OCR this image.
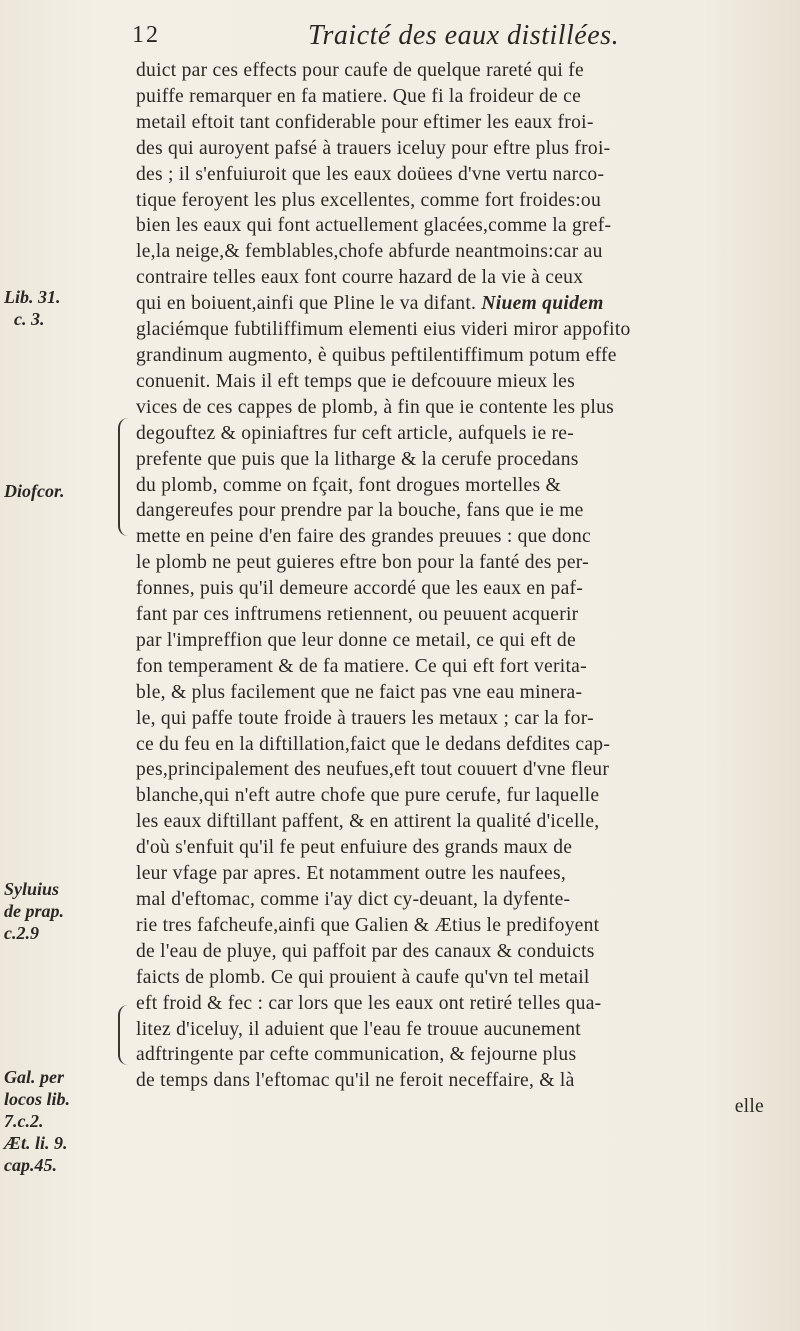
12	Traicté des eaux distillées.
Lib. 31.
c. 3.
Diofcor.
Syluius
de prap.
c.2.9
Gal. per
locos lib.
7.c.2.
Æt. li. 9.
cap.45.
duict par ces effects pour caufe de quelque rareté qui fe
puiffe remarquer en fa matiere. Que fi la froideur de ce
metail eftoit tant confiderable pour eftimer les eaux froi-
des qui auroyent pafsé à trauers iceluy pour eftre plus froi-
des ; il s'enfuiuroit que les eaux doüees d'vne vertu narco-
tique feroyent les plus excellentes, comme fort froides:ou
bien les eaux qui font actuellement glacées,comme la gref-
le,la neige,& femblables,chofe abfurde neantmoins:car au
contraire telles eaux font courre hazard de la vie à ceux
qui en boiuent,ainfi que Pline le va difant. Niuem quidem
glaciémque fubtiliffimum elementi eius videri miror appofito
grandinum augmento, è quibus peftilentiffimum potum effe
conuenit. Mais il eft temps que ie defcouure mieux les
vices de ces cappes de plomb, à fin que ie contente les plus
degouftez & opiniaftres fur ceft article, aufquels ie re-
prefente que puis que la litharge & la cerufe procedans
du plomb, comme on fçait, font drogues mortelles &
dangereufes pour prendre par la bouche, fans que ie me
mette en peine d'en faire des grandes preuues : que donc
le plomb ne peut guieres eftre bon pour la fanté des per-
fonnes, puis qu'il demeure accordé que les eaux en paf-
fant par ces inftrumens retiennent, ou peuuent acquerir
par l'impreffion que leur donne ce metail, ce qui eft de
fon temperament & de fa matiere. Ce qui eft fort verita-
ble, & plus facilement que ne faict pas vne eau minera-
le, qui paffe toute froide à trauers les metaux ; car la for-
ce du feu en la diftillation,faict que le dedans defdites cap-
pes,principalement des neufues,eft tout couuert d'vne fleur
blanche,qui n'eft autre chofe que pure cerufe, fur laquelle
les eaux diftillant paffent, & en attirent la qualité d'icelle,
d'où s'enfuit qu'il fe peut enfuiure des grands maux de
leur vfage par apres. Et notamment outre les naufees,
mal d'eftomac, comme i'ay dict cy-deuant, la dyfente-
rie tres fafcheufe,ainfi que Galien & Ætius le predifoyent
de l'eau de pluye, qui paffoit par des canaux & conduicts
faicts de plomb. Ce qui prouient à caufe qu'vn tel metail
eft froid & fec : car lors que les eaux ont retiré telles qua-
litez d'iceluy, il aduient que l'eau fe trouue aucunement
adftringente par cefte communication, & fejourne plus
de temps dans l'eftomac qu'il ne feroit neceffaire, & là
elle
